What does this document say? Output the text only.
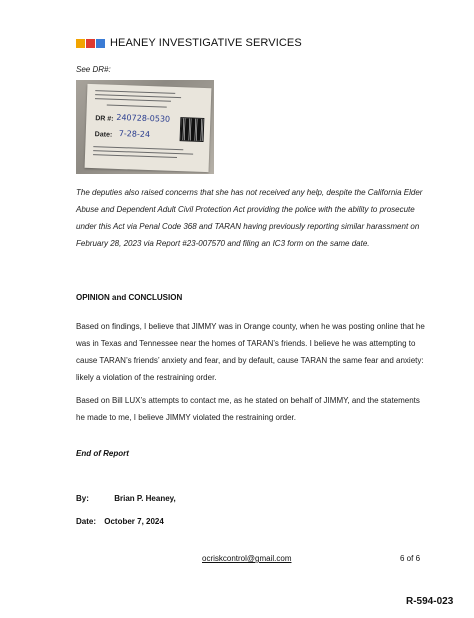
HEANEY INVESTIGATIVE SERVICES
See DR#:
DR #: 240728-0530
Date: 7-28-24
The deputies also raised concerns that she has not received any help, despite the California Elder Abuse and Dependent Adult Civil Protection Act providing the police with the ability to prosecute under this Act via Penal Code 368 and TARAN having previously reporting similar harassment on February 28, 2023 via Report #23-007570 and filing an IC3 form on the same date.
OPINION and CONCLUSION
Based on findings, I believe that JIMMY was in Orange county, when he was posting online that he was in Texas and Tennessee near the homes of TARAN’s friends. I believe he was attempting to cause TARAN’s friends’ anxiety and fear, and by default, cause TARAN the same fear and anxiety: likely a violation of the restraining order.
Based on Bill LUX’s attempts to contact me, as he stated on behalf of JIMMY, and the statements he made to me, I believe JIMMY violated the restraining order.
End of Report
By:	Brian P. Heaney,
Date: October 7, 2024
ocriskcontrol@gmail.com	6 of 6
R-594-023
